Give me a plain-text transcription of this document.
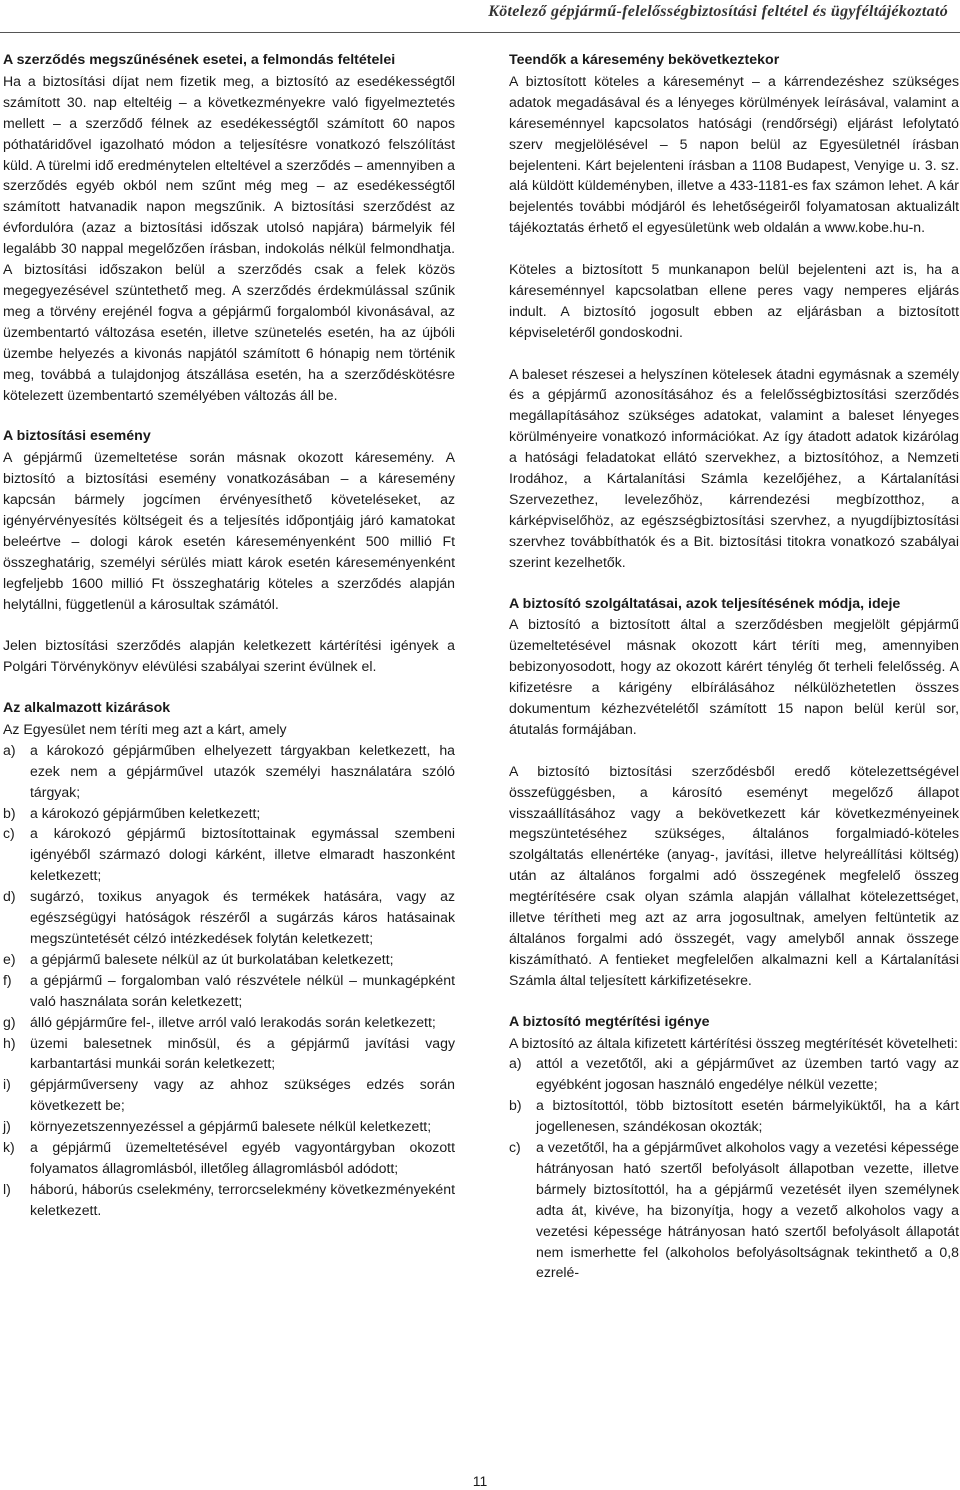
Kötelező gépjármű-felelősségbiztosítási feltétel és ügyféltájékoztató
A szerződés megszűnésének esetei, a felmondás feltételei

Ha a biztosítási díjat nem fizetik meg, a biztosító az esedékességtől számított 30. nap elteltéig – a következményekre való figyelmeztetés mellett – a szerződő félnek az esedékességtől számított 60 napos póthatáridővel igazolható módon a teljesítésre vonatkozó felszólítást küld. A türelmi idő eredménytelen elteltével a szerződés – amennyiben a szerződés egyéb okból nem szűnt még meg – az esedékességtől számított hatvanadik napon megszűnik. A biztosítási szerződést az évfordulóra (azaz a biztosítási időszak utolsó napjára) bármelyik fél legalább 30 nappal megelőzően írásban, indokolás nélkül felmondhatja. A biztosítási időszakon belül a szerződés csak a felek közös megegyezésével szüntethető meg. A szerződés érdekmúlással szűnik meg a törvény erejénél fogva a gépjármű forgalomból kivonásával, az üzembentartó változása esetén, illetve szünetelés esetén, ha az újbóli üzembe helyezés a kivonás napjától számított 6 hónapig nem történik meg, továbbá a tulajdonjog átszállása esetén, ha a szerződéskötésre kötelezett üzembentartó személyében változás áll be.

A biztosítási esemény

A gépjármű üzemeltetése során másnak okozott káresemény. A biztosító a biztosítási esemény vonatkozásában – a káresemény kapcsán bármely jogcímen érvényesíthető követeléseket, az igényérvényesítés költségeit és a teljesítés időpontjáig járó kamatokat beleértve – dologi károk esetén káreseményenként 500 millió Ft összeghatárig, személyi sérülés miatt károk esetén káreseményenként legfeljebb 1600 millió Ft összeghatárig köteles a szerződés alapján helytállni, függetlenül a károsultak számától.

Jelen biztosítási szerződés alapján keletkezett kártérítési igények a Polgári Törvénykönyv elévülési szabályai szerint évülnek el.

Az alkalmazott kizárások

Az Egyesület nem téríti meg azt a kárt, amely

a) a károkozó gépjárműben elhelyezett tárgyakban keletkezett, ha ezek nem a gépjárművel utazók személyi használatára szóló tárgyak;
b) a károkozó gépjárműben keletkezett;
c) a károkozó gépjármű biztosítottainak egymással szembeni igényéből származó dologi kárként, illetve elmaradt haszonként keletkezett;
d) sugárzó, toxikus anyagok és termékek hatására, vagy az egészségügyi hatóságok részéről a sugárzás káros hatásainak megszüntetését célzó intézkedések folytán keletkezett;
e) a gépjármű balesete nélkül az út burkolatában keletkezett;
f) a gépjármű – forgalomban való részvétele nélkül – munkagépként való használata során keletkezett;
g) álló gépjárműre fel-, illetve arról való lerakodás során keletkezett;
h) üzemi balesetnek minősül, és a gépjármű javítási vagy karbantartási munkái során keletkezett;
i) gépjárműverseny vagy az ahhoz szükséges edzés során következett be;
j) környezetszennyezéssel a gépjármű balesete nélkül keletkezett;
k) a gépjármű üzemeltetésével egyéb vagyontárgyban okozott folyamatos állagromlásból, illetőleg állagromlásból adódott;
l) háború, háborús cselekmény, terrorcselekmény következményeként keletkezett.
Teendők a káresemény bekövetkeztekor

A biztosított köteles a káreseményt – a kárrendezéshez szükséges adatok megadásával és a lényeges körülmények leírásával, valamint a káreseménnyel kapcsolatos hatósági (rendőrségi) eljárást lefolytató szerv megjelölésével – 5 napon belül az Egyesületnél írásban bejelenteni. Kárt bejelenteni írásban a 1108 Budapest, Venyige u. 3. sz. alá küldött küldeményben, illetve a 433-1181-es fax számon lehet. A kár bejelentés további módjáról és lehetőségeiről folyamatosan aktualizált tájékoztatás érhető el egyesületünk web oldalán a www.kobe.hu-n.

Köteles a biztosított 5 munkanapon belül bejelenteni azt is, ha a káreseménnyel kapcsolatban ellene peres vagy nemperes eljárás indult. A biztosító jogosult ebben az eljárásban a biztosított képviseletéről gondoskodni.

A baleset részesei a helyszínen kötelesek átadni egymásnak a személy és a gépjármű azonosításához és a felelősségbiztosítási szerződés megállapításához szükséges adatokat, valamint a baleset lényeges körülményeire vonatkozó információkat. Az így átadott adatok kizárólag a hatósági feladatokat ellátó szervekhez, a biztosítóhoz, a Nemzeti Irodához, a Kártalanítási Számla kezelőjéhez, a Kártalanítási Szervezethez, levelezőhöz, kárrendezési megbízotthoz, a kárképviselőhöz, az egészségbiztosítási szervhez, a nyugdíjbiztosítási szervhez továbbíthatók és a Bit. biztosítási titokra vonatkozó szabályai szerint kezelhetők.

A biztosító szolgáltatásai, azok teljesítésének módja, ideje

A biztosító a biztosított által a szerződésben megjelölt gépjármű üzemeltetésével másnak okozott kárt téríti meg, amennyiben bebizonyosodott, hogy az okozott kárért ténylég őt terheli felelősség. A kifizetésre a kárigény elbírálásához nélkülözhetetlen összes dokumentum kézhezvételétől számított 15 napon belül kerül sor, átutalás formájában.

A biztosító biztosítási szerződésből eredő kötelezettségével összefüggésben, a károsító eseményt megelőző állapot visszaállításához vagy a bekövetkezett kár következményeinek megszüntetéséhez szükséges, általános forgalmiadó-köteles szolgáltatás ellenértéke (anyag-, javítási, illetve helyreállítási költség) után az általános forgalmi adó összegének megfelelő összeg megtérítésére csak olyan számla alapján vállalhat kötelezettséget, illetve térítheti meg azt az arra jogosultnak, amelyen feltüntetik az általános forgalmi adó összegét, vagy amelyből annak összege kiszámítható. A fentieket megfelelően alkalmazni kell a Kártalanítási Számla által teljesített kárkifizetésekre.

A biztosító megtérítési igénye

A biztosító az általa kifizetett kártérítési összeg megtérítését követelheti:

a) attól a vezetőtől, aki a gépjárművet az üzemben tartó vagy az egyébként jogosan használó engedélye nélkül vezette;
b) a biztosítottól, több biztosított esetén bármelyiküktől, ha a kárt jogellenesen, szándékosan okozták;
c) a vezetőtől, ha a gépjárművet alkoholos vagy a vezetési képessége hátrányosan ható szertől befolyásolt állapotban vezette, illetve bármely biztosítottól, ha a gépjármű vezetését ilyen személynek adta át, kivéve, ha bizonyítja, hogy a vezető alkoholos vagy a vezetési képessége hátrányosan ható szertől befolyásolt állapotát nem ismerhette fel (alkoholos befolyásoltságnak tekinthető a 0,8 ezrelé-
11
